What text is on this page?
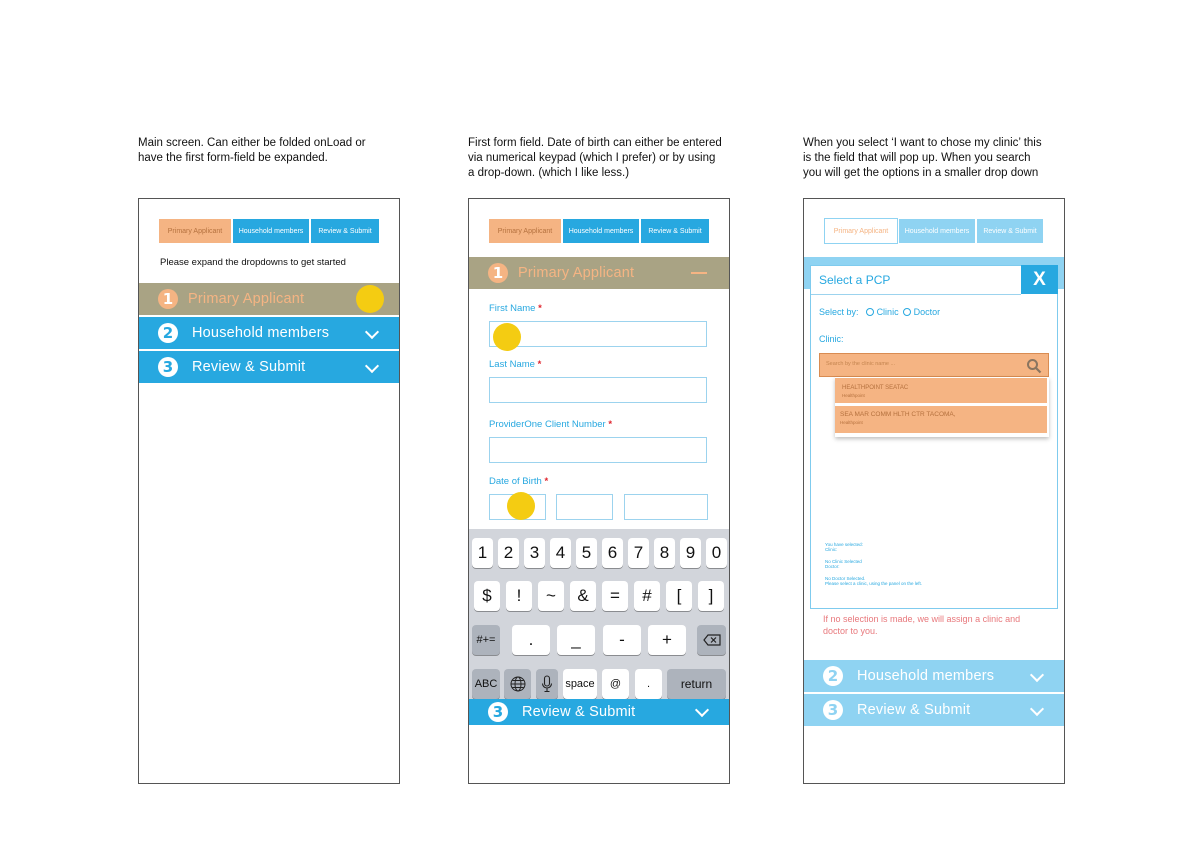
Main screen. Can either be folded onLoad or
have the first form-field be expanded.
First form field. Date of birth can either be entered
via numerical keypad (which I prefer) or by using
a drop-down. (which I like less.)
When you select ‘I want to chose my clinic’ this
is the field that will pop up. When you search
you will get the options in a smaller drop down
Primary Applicant	Household members	Review & Submit
Please expand the dropdowns to get started
1	Primary Applicant
2	Household members
3	Review & Submit
Primary Applicant	Household members	Review & Submit
1	Primary Applicant
First Name *
Last Name *
ProviderOne Client Number *
Date of Birth *
1 2 3 4 5 6 7 8 9 0
$	!	~	&	=	#	[	]
#+=	.	_	-	+
ABC	space	@	.	return
3	Review & Submit
Primary Applicant	Household members	Review & Submit
Select a PCP	X
Select by: Clinic Doctor
Clinic:
Search by the clinic name ...
HEALTHPOINT SEATAC
Healthpoint
SEA MAR COMM HLTH CTR TACOMA,
Healthpoint
You have selected:
Clinic:
No Clinic Selected
Doctor:
No Doctor Selected.
Please select a clinic, using the panel on the left.
If no selection is made, we will assign a clinic and
doctor to you.
2	Household members
3	Review & Submit
